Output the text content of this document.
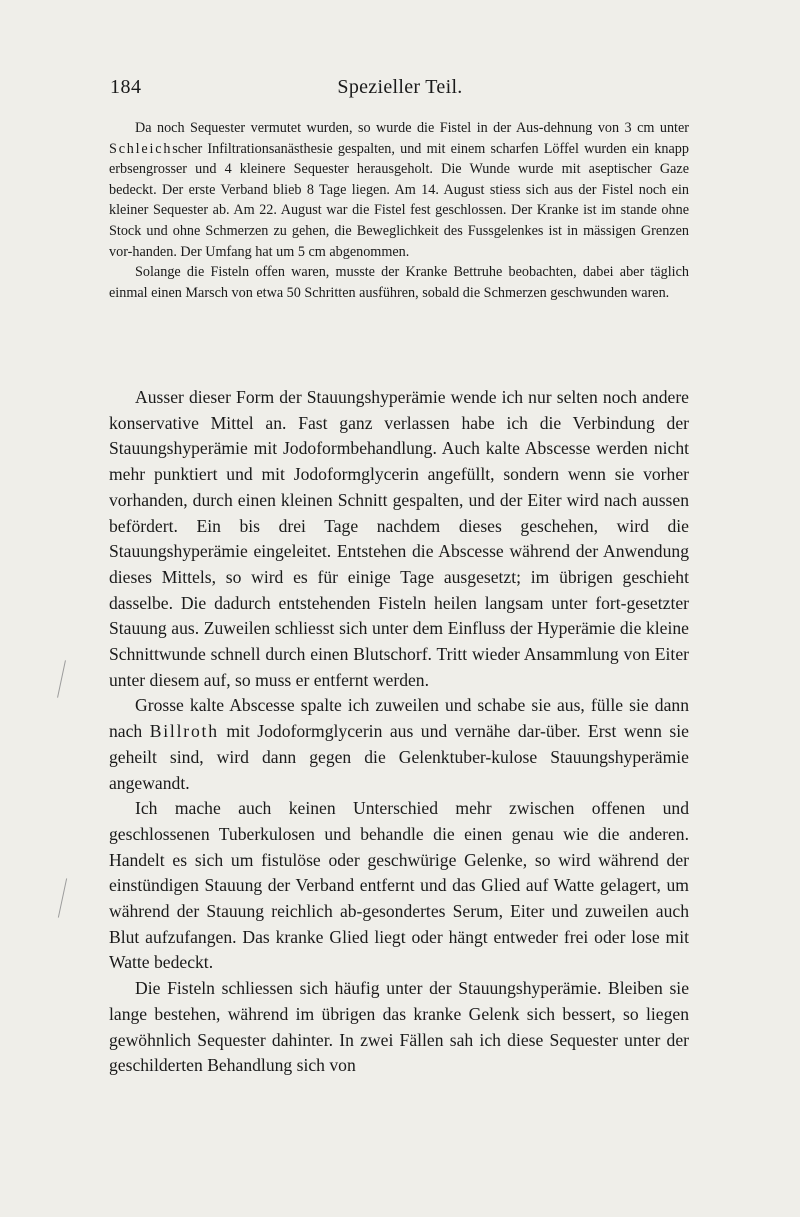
184	Spezieller Teil.

Da noch Sequester vermutet wurden, so wurde die Fistel in der Aus-dehnung von 3 cm unter Schleichscher Infiltrationsanästhesie gespalten, und mit einem scharfen Löffel wurden ein knapp erbsengrosser und 4 kleinere Sequester herausgeholt. Die Wunde wurde mit aseptischer Gaze bedeckt. Der erste Verband blieb 8 Tage liegen. Am 14. August stiess sich aus der Fistel noch ein kleiner Sequester ab. Am 22. August war die Fistel fest geschlossen. Der Kranke ist im stande ohne Stock und ohne Schmerzen zu gehen, die Beweglichkeit des Fussgelenkes ist in mässigen Grenzen vor-handen. Der Umfang hat um 5 cm abgenommen.

Solange die Fisteln offen waren, musste der Kranke Bettruhe beobachten, dabei aber täglich einmal einen Marsch von etwa 50 Schritten ausführen, sobald die Schmerzen geschwunden waren.

Ausser dieser Form der Stauungshyperämie wende ich nur selten noch andere konservative Mittel an. Fast ganz verlassen habe ich die Verbindung der Stauungshyperämie mit Jodoformbehandlung. Auch kalte Abscesse werden nicht mehr punktiert und mit Jodoformglycerin angefüllt, sondern wenn sie vorher vorhanden, durch einen kleinen Schnitt gespalten, und der Eiter wird nach aussen befördert. Ein bis drei Tage nachdem dieses geschehen, wird die Stauungshyperämie eingeleitet. Entstehen die Abscesse während der Anwendung dieses Mittels, so wird es für einige Tage ausgesetzt; im übrigen geschieht dasselbe. Die dadurch entstehenden Fisteln heilen langsam unter fort-gesetzter Stauung aus. Zuweilen schliesst sich unter dem Einfluss der Hyperämie die kleine Schnittwunde schnell durch einen Blutschorf. Tritt wieder Ansammlung von Eiter unter diesem auf, so muss er entfernt werden.

Grosse kalte Abscesse spalte ich zuweilen und schabe sie aus, fülle sie dann nach Billroth mit Jodoformglycerin aus und vernähe dar-über. Erst wenn sie geheilt sind, wird dann gegen die Gelenktuber-kulose Stauungshyperämie angewandt.

Ich mache auch keinen Unterschied mehr zwischen offenen und geschlossenen Tuberkulosen und behandle die einen genau wie die anderen. Handelt es sich um fistulöse oder geschwürige Gelenke, so wird während der einstündigen Stauung der Verband entfernt und das Glied auf Watte gelagert, um während der Stauung reichlich ab-gesondertes Serum, Eiter und zuweilen auch Blut aufzufangen. Das kranke Glied liegt oder hängt entweder frei oder lose mit Watte bedeckt.

Die Fisteln schliessen sich häufig unter der Stauungshyperämie. Bleiben sie lange bestehen, während im übrigen das kranke Gelenk sich bessert, so liegen gewöhnlich Sequester dahinter. In zwei Fällen sah ich diese Sequester unter der geschilderten Behandlung sich von
